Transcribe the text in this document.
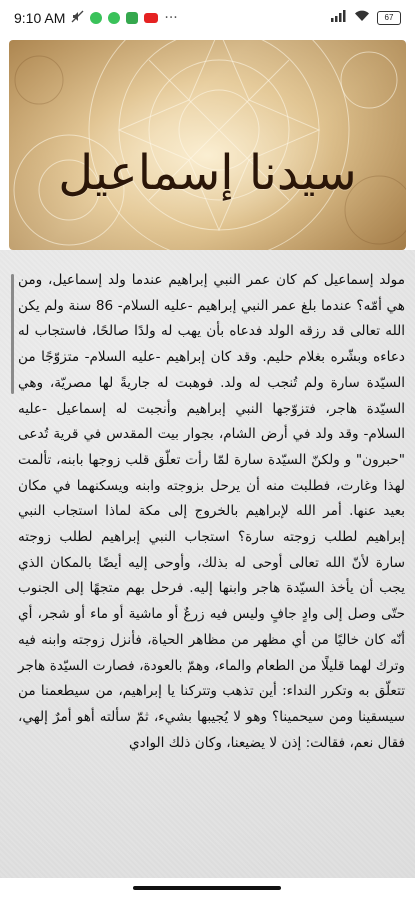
9:10 AM	···	67
سيدنا إسماعيل

مولد إسماعيل كم كان عمر النبي إبراهيم عندما ولد إسماعيل، ومن هي أمّه؟ عندما بلغ عمر النبي إبراهيم -عليه السلام- 86 سنة ولم يكن الله تعالى قد رزقه الولد فدعاه بأن يهب له ولدًا صالحًا، فاستجاب له دعاءه وبشّره بغلام حليم. وقد كان إبراهيم -عليه السلام- متزوّجًا من السيّدة سارة ولم تُنجب له ولد. فوهبت له جاريةً لها مصريّة، وهي السيّدة هاجر، فتزوّجها النبي إبراهيم وأنجبت له إسماعيل -عليه السلام- وقد ولد في أرض الشام، بجوار بيت المقدس في قرية تُدعى "حبرون" و ولكنّ السيّدة سارة لمّا رأت تعلّق قلب زوجها بابنه، تألمت لهذا وغارت، فطلبت منه أن يرحل بزوجته وابنه ويسكنهما في مكان بعيد عنها. أمر الله لإبراهيم بالخروج إلى مكة لماذا استجاب النبي إبراهيم لطلب زوجته سارة؟ استجاب النبي إبراهيم لطلب زوجته سارة لأنّ الله تعالى أوحى له بذلك، وأوحى إليه أيضًا بالمكان الذي يجب أن يأخذ السيّدة هاجر وابنها إليه. فرحل بهم متجهًا إلى الجنوب حتّى وصل إلى وادٍ جافٍ وليس فيه زرعٌ أو ماشية أو ماء أو شجر، أي أنّه كان خاليًا من أي مظهر من مظاهر الحياة، فأنزل زوجته وابنه فيه وترك لهما قليلًا من الطعام والماء، وهمّ بالعودة، فصارت السيّدة هاجر تتعلّق به وتكرر النداء: أين تذهب وتتركنا يا إبراهيم، من سيطعمنا من سيسقينا ومن سيحمينا؟ وهو لا يُجيبها بشيء، ثمّ سألته أهو أمرٌ إلهي، فقال نعم، فقالت: إذن لا يضيعنا، وكان ذلك الوادي
